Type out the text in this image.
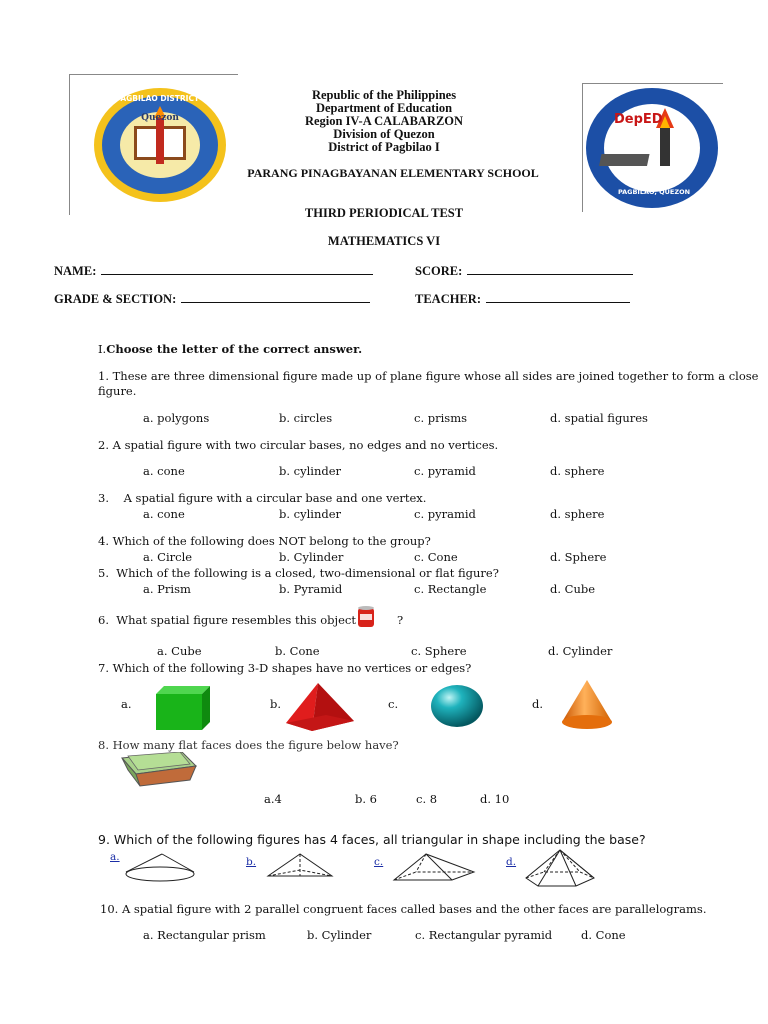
PAGBILAO DISTRICT I
Quezon	DepED
PAGBILAO, QUEZON
Republic of the Philippines
Department of Education
Region IV-A CALABARZON
Division of Quezon
District of Pagbilao I
PARANG PINAGBAYANAN ELEMENTARY SCHOOL
THIRD PERIODICAL TEST
MATHEMATICS VI
NAME:	SCORE:
GRADE & SECTION:	TEACHER:
I.Choose the letter of the correct answer.
1. These are three dimensional figure made up of plane figure whose all sides are joined together to form a close
figure.
a. polygons	b. circles	c. prisms	d. spatial figures
2. A spatial figure with two circular bases, no edges and no vertices.
a. cone	b. cylinder	c. pyramid	d. sphere
3.    A spatial figure with a circular base and one vertex.
a. cone	b. cylinder	c. pyramid	d. sphere
4. Which of the following does NOT belong to the group?
a. Circle	b. Cylinder	c. Cone	d. Sphere
5.  Which of the following is a closed, two-dimensional or flat figure?
a. Prism	b. Pyramid	c. Rectangle	d. Cube
6.  What spatial figure resembles this object	?
a. Cube	b. Cone	c. Sphere	d. Cylinder
7. Which of the following 3-D shapes have no vertices or edges?
a.	b.	c.	d.
8. How many flat faces does the figure below have?
a.4	b. 6	c. 8	d. 10
9. Which of the following figures has 4 faces, all triangular in shape including the base?
a.	b.	c.	d.
10. A spatial figure with 2 parallel congruent faces called bases and the other faces are parallelograms.
a. Rectangular prism	b. Cylinder	c. Rectangular pyramid	d. Cone
